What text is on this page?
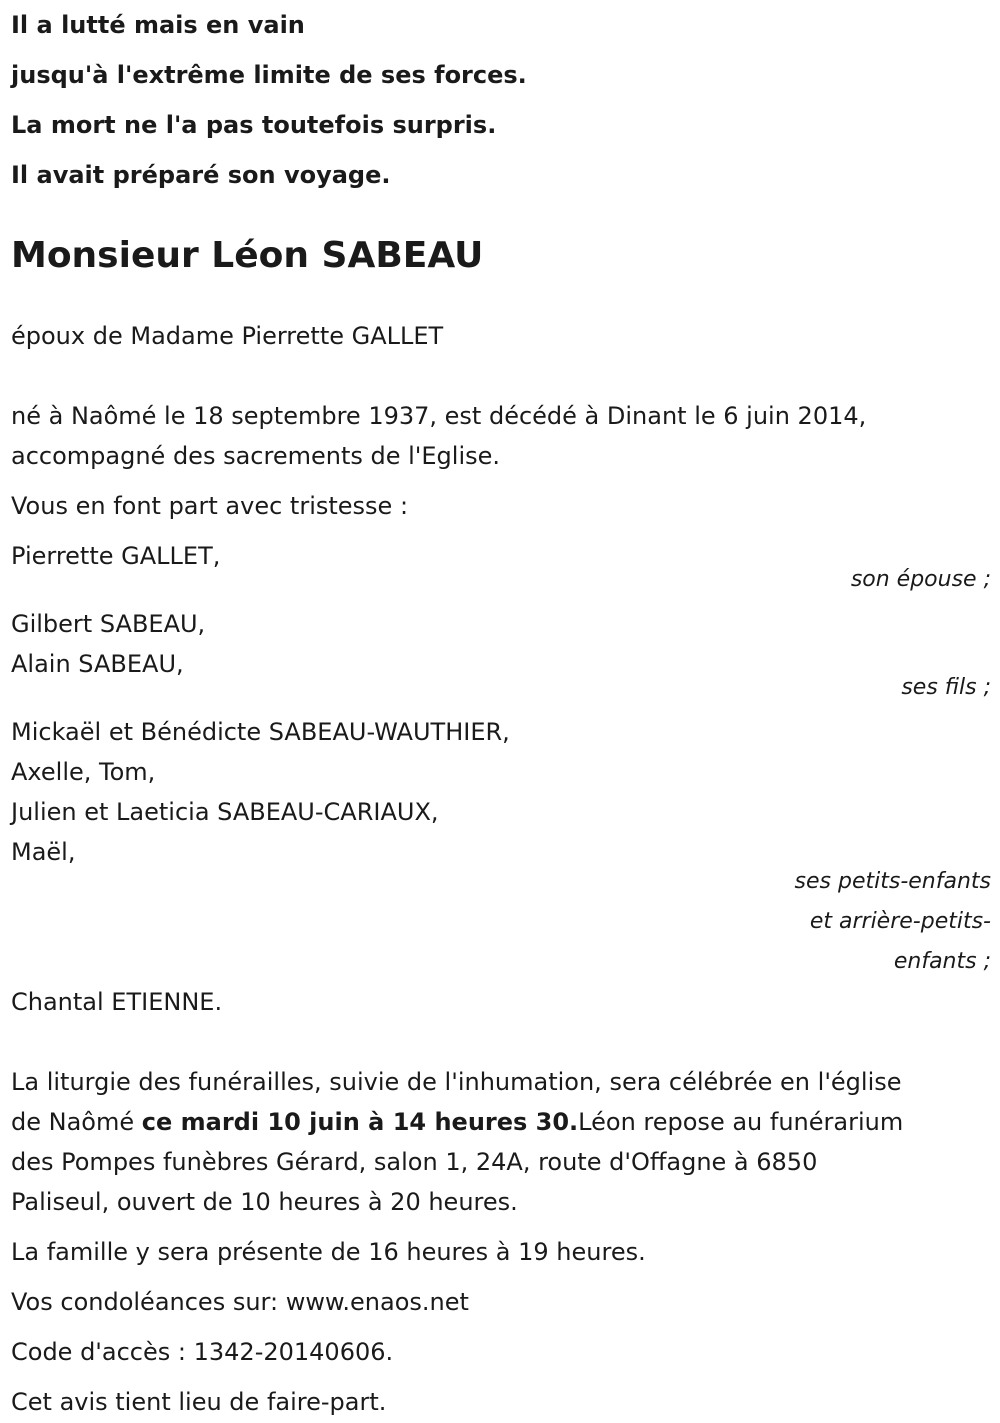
Il a lutté mais en vain
jusqu'à l'extrême limite de ses forces.
La mort ne l'a pas toutefois surpris.
Il avait préparé son voyage.
Monsieur Léon SABEAU
époux de Madame Pierrette GALLET
né à Naômé le 18 septembre 1937, est décédé à Dinant le 6 juin 2014,
accompagné des sacrements de l'Eglise.
Vous en font part avec tristesse :
Pierrette GALLET,
son épouse ;
Gilbert SABEAU,
Alain SABEAU,
ses fils ;
Mickaël et Bénédicte SABEAU-WAUTHIER,
Axelle, Tom,
Julien et Laeticia SABEAU-CARIAUX,
Maël,
ses petits-enfants
et arrière-petits-
enfants ;
Chantal ETIENNE.
La liturgie des funérailles, suivie de l'inhumation, sera célébrée en l'église
de Naômé ce mardi 10 juin à 14 heures 30.Léon repose au funérarium
des Pompes funèbres Gérard, salon 1, 24A, route d'Offagne à 6850
Paliseul, ouvert de 10 heures à 20 heures.
La famille y sera présente de 16 heures à 19 heures.
Vos condoléances sur: www.enaos.net
Code d'accès : 1342-20140606.
Cet avis tient lieu de faire-part.
